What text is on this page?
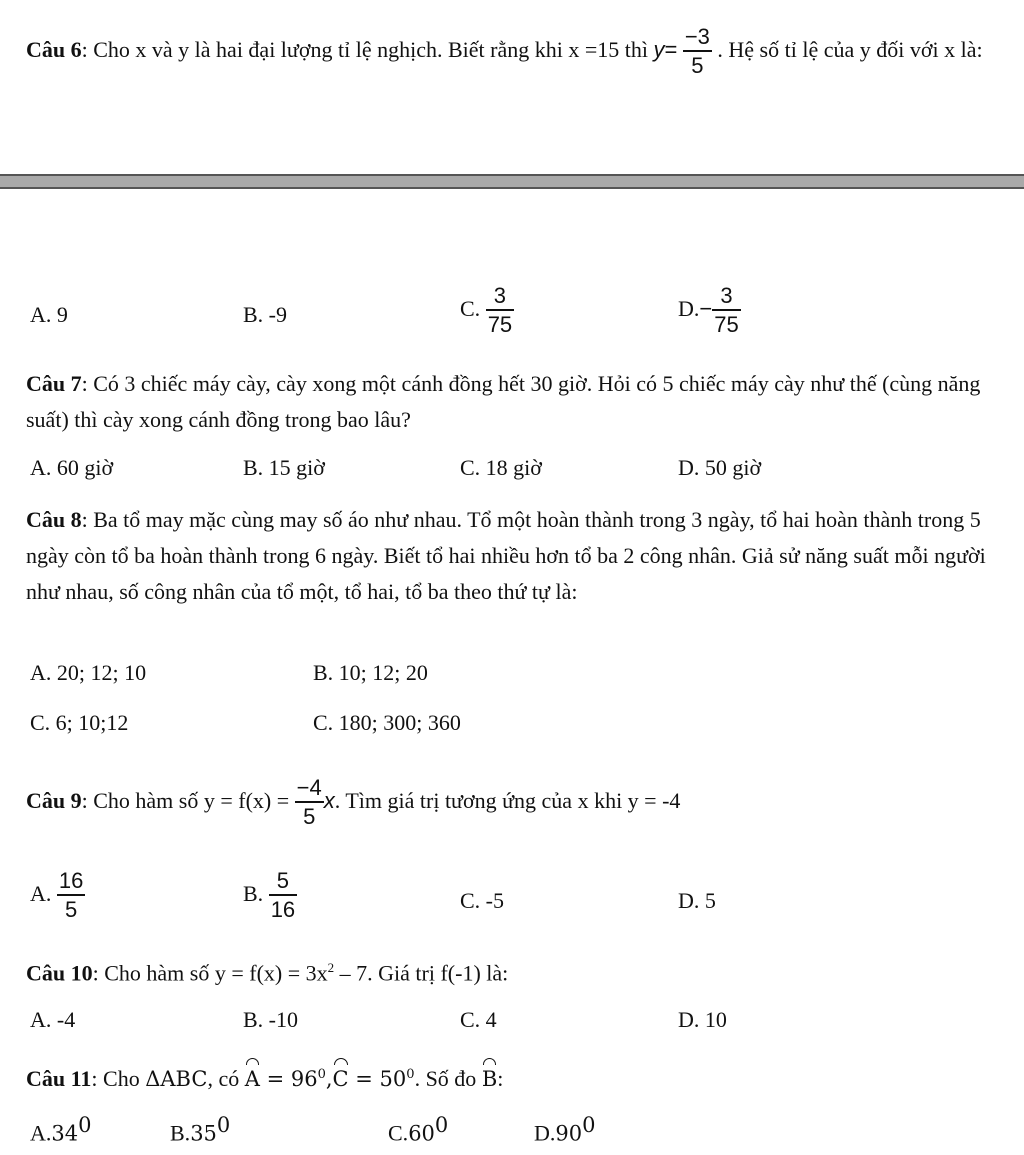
Câu 6: Cho x và y là hai đại lượng tỉ lệ nghịch. Biết rằng khi x =15 thì $y= \frac{-3}{5}$ . Hệ số tỉ lệ của y đối với x là:
A. 9	B. -9	C. $\frac{3}{75}$	$D.- \frac{3}{75}$
Câu 7: Có 3 chiếc máy cày, cày xong một cánh đồng hết 30 giờ. Hỏi có 5 chiếc máy cày như thế (cùng năng suất) thì cày xong cánh đồng trong bao lâu?
A. 60 giờ	B. 15 giờ	C. 18 giờ	D. 50 giờ
Câu 8: Ba tổ may mặc cùng may số áo như nhau. Tổ một hoàn thành trong 3 ngày, tổ hai hoàn thành trong 5 ngày còn tổ ba hoàn thành trong 6 ngày. Biết tổ hai nhiều hơn tổ ba 2 công nhân. Giả sử năng suất mỗi người như nhau, số công nhân của tổ một, tổ hai, tổ ba theo thứ tự là:
A. 20; 12; 10	B. 10; 12; 20
C. 6; 10;12	C. 180; 300; 360
Câu 9: Cho hàm số $y = f(x) = \frac{-4}{5} x$. Tìm giá trị tương ứng của x khi y = -4
A. $\frac{16}{5}$	B. $\frac{5}{16}$	C. -5	D. 5
Câu 10: Cho hàm số $y = f(x) = 3x^2 - 7$. Giá trị f(-1) là:
A. -4	B. -10	C. 4	D. 10
Câu 11: Cho ΔABC, có $A = 96^0,C = 50^0$. Số đo B:
$A.34^0$	$B.35^0$	$C.60^0$	$D.90^0$
